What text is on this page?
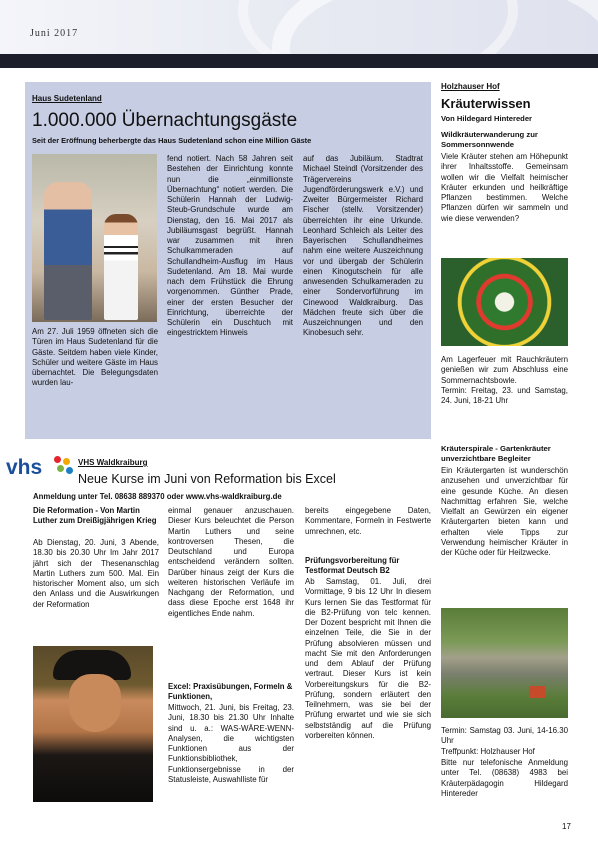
Juni 2017
Haus Sudetenland
1.000.000 Übernachtungsgäste
Seit der Eröffnung beherbergte das Haus Sudetenland schon eine Million Gäste
Am 27. Juli 1959 öffneten sich die Türen im Haus Sudetenland für die Gäste. Seitdem haben viele Kinder, Schüler und weitere Gäste im Haus übernachtet. Die Belegungsdaten wurden lau-
fend notiert. Nach 58 Jahren seit Bestehen der Einrichtung konnte nun die „einmillionste Übernachtung“ notiert werden. Die Schülerin Hannah der Ludwig-Steub-Grundschule wurde am Dienstag, den 16. Mai 2017 als Jubiläumsgast begrüßt. Hannah war zusammen mit ihren Schulkammeraden auf Schullandheim-Ausflug im Haus Sudetenland. Am 18. Mai wurde nach dem Frühstück die Ehrung vorgenommen. Günther Prade, einer der ersten Besucher der Einrichtung, überreichte der Schülerin ein Duschtuch mit eingestricktem Hinweis
auf das Jubiläum. Stadtrat Michael Steindl (Vorsitzender des Trägervereins Jugendförderungswerk e.V.) und Zweiter Bürgermeister Richard Fischer (stellv. Vorsitzender) überreichten ihr eine Urkunde. Leonhard Schleich als Leiter des Bayerischen Schullandheimes nahm eine weitere Auszeichnung vor und übergab der Schülerin einen Kinogutschein für alle anwesenden Schulkameraden zu einer Sondervorführung im Cinewood Waldkraiburg. Das Mädchen freute sich über die Auszeichnungen und den Kinobesuch sehr.
Holzhauser Hof
Kräuterwissen
Von Hildegard Hintereder
Wildkräuterwanderung zur Sommersonnwende
Viele Kräuter stehen am Höhepunkt ihrer Inhaltsstoffe. Gemeinsam wollen wir die Vielfalt heimischer Kräuter erkunden und heilkräftige Pflanzen bestimmen. Welche Pflanzen dürfen wir sammeln und wie diese verwenden?
Am Lagerfeuer mit Rauchkräutern genießen wir zum Abschluss eine Sommernachtsbowle.
Termin: Freitag, 23. und Samstag, 24. Juni, 18-21 Uhr
Kräuterspirale - Gartenkräuter unverzichtbare Begleiter
Ein Kräutergarten ist wunderschön anzusehen und unverzichtbar für eine gesunde Küche. An diesen Nachmittag erfahren Sie, welche Vielfalt an Gewürzen ein eigener Kräutergarten bieten kann und erhalten viele Tipps zur Verwendung heimischer Kräuter in der Küche oder für Heilzwecke.
Termin: Samstag 03. Juni, 14-16.30 Uhr
Treffpunkt: Holzhauser Hof
Bitte nur telefonische Anmeldung unter Tel. (08638) 4983 bei Kräuterpädagogin Hildegard Hintereder
vhs	VHS Waldkraiburg
Neue Kurse im Juni von Reformation bis Excel
Anmeldung unter Tel. 08638 889370 oder www.vhs-waldkraiburg.de
Die Reformation - Von Martin Luther zum Dreißigjährigen Krieg
Ab Dienstag, 20. Juni, 3 Abende, 18.30 bis 20.30 Uhr Im Jahr 2017 jährt sich der Thesenanschlag Martin Luthers zum 500. Mal. Ein historischer Moment also, um sich den Anlass und die Auswirkungen der Reformation
einmal genauer anzuschauen. Dieser Kurs beleuchtet die Person Martin Luthers und seine kontroversen Thesen, die Deutschland und Europa entscheidend verändern sollten. Darüber hinaus zeigt der Kurs die weiteren historischen Verläufe im Nachgang der Reformation, und dass diese Epoche erst 1648 ihr eigentliches Ende nahm.
Excel: Praxisübungen, Formeln & Funktionen,
Mittwoch, 21. Juni, bis Freitag, 23. Juni, 18.30 bis 21.30 Uhr Inhalte sind u. a.: WAS-WÄRE-WENN-Analysen, die wichtigsten Funktionen aus der Funktionsbibliothek, Funktionsergebnisse in der Statusleiste, Auswahlliste für
bereits eingegebene Daten, Kommentare, Formeln in Festwerte umrechnen, etc.
Prüfungsvorbereitung für Testformat Deutsch B2
Ab Samstag, 01. Juli, drei Vormittage, 9 bis 12 Uhr In diesem Kurs lernen Sie das Testformat für die B2-Prüfung von telc kennen. Der Dozent bespricht mit Ihnen die einzelnen Teile, die Sie in der Prüfung absolvieren müssen und macht Sie mit den Anforderungen und dem Ablauf der Prüfung vertraut. Dieser Kurs ist kein Vorbereitungskurs für die B2-Prüfung, sondern erläutert den Teilnehmern, was sie bei der Prüfung erwartet und wie sie sich selbstständig auf die Prüfung vorbereiten können.
17
